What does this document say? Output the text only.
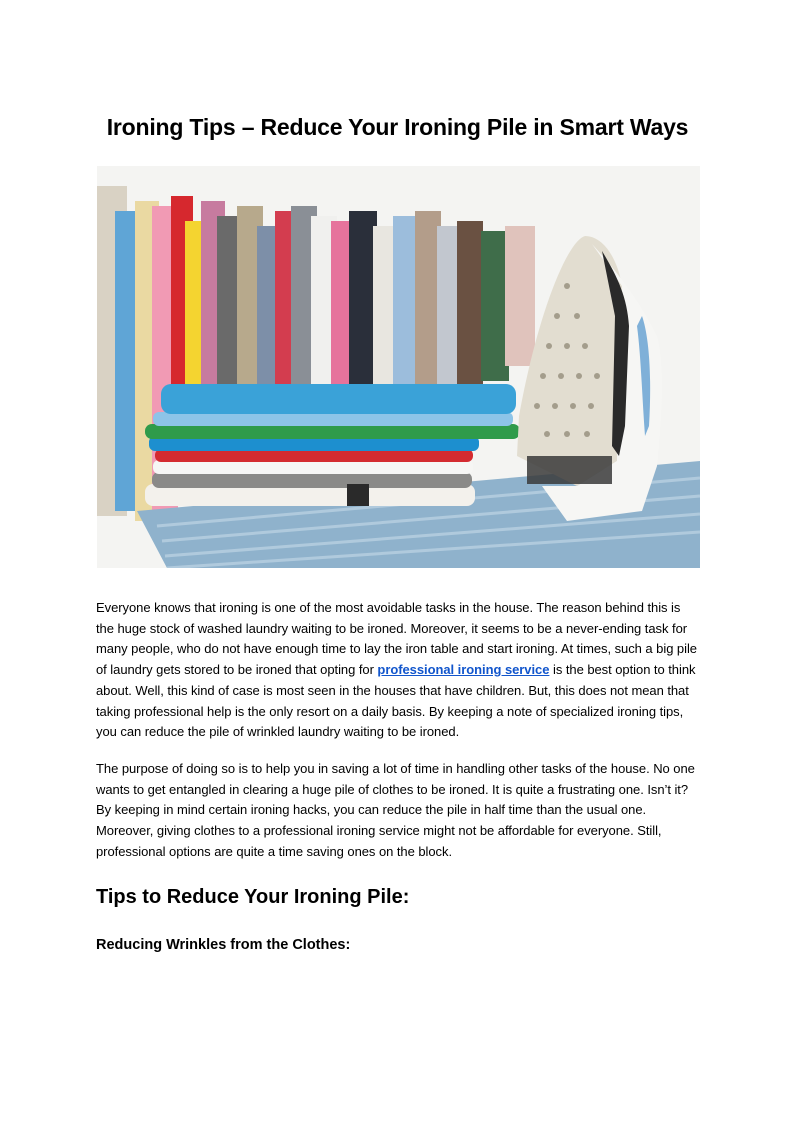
Ironing Tips – Reduce Your Ironing Pile in Smart Ways

Everyone knows that ironing is one of the most avoidable tasks in the house. The reason behind this is the huge stock of washed laundry waiting to be ironed. Moreover, it seems to be a never-ending task for many people, who do not have enough time to lay the iron table and start ironing. At times, such a big pile of laundry gets stored to be ironed that opting for professional ironing service is the best option to think about. Well, this kind of case is most seen in the houses that have children. But, this does not mean that taking professional help is the only resort on a daily basis. By keeping a note of specialized ironing tips, you can reduce the pile of wrinkled laundry waiting to be ironed.

The purpose of doing so is to help you in saving a lot of time in handling other tasks of the house. No one wants to get entangled in clearing a huge pile of clothes to be ironed. It is quite a frustrating one. Isn’t it? By keeping in mind certain ironing hacks, you can reduce the pile in half time than the usual one. Moreover, giving clothes to a professional ironing service might not be affordable for everyone. Still, professional options are quite a time saving ones on the block.

Tips to Reduce Your Ironing Pile:
Reducing Wrinkles from the Clothes:
